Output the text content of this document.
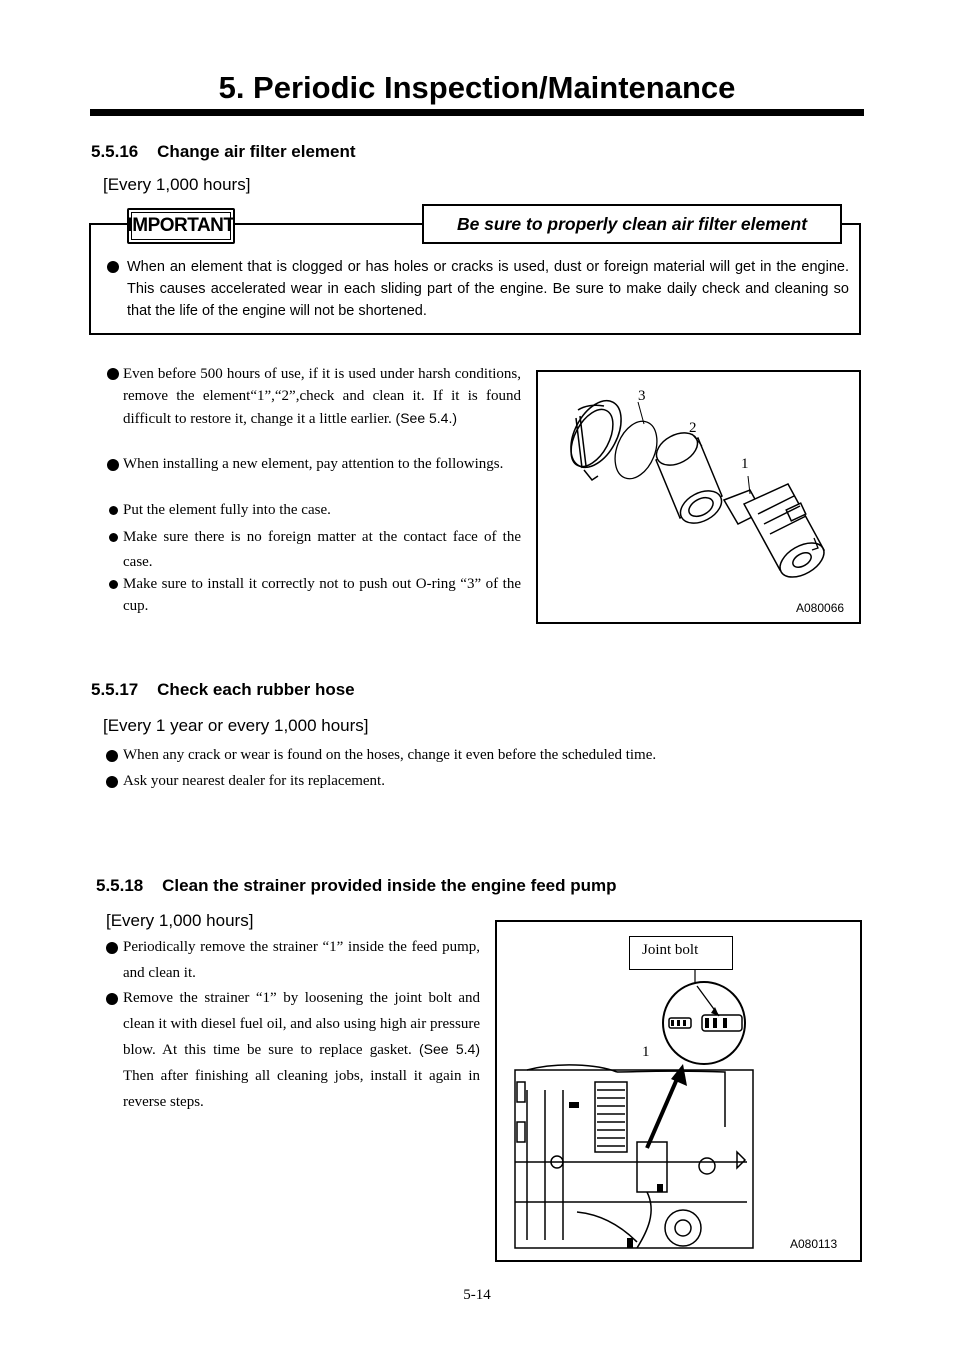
5. Periodic Inspection/Maintenance
5.5.16    Change air filter element
[Every 1,000 hours]
IMPORTANT	Be sure to properly clean air filter element
When an element that is clogged or has holes or cracks is used, dust or foreign material will get in the engine. This causes accelerated wear in each sliding part of the engine. Be sure to make daily check and cleaning so that the life of the engine will not be shortened.
Even before 500 hours of use, if it is used under harsh conditions, remove the element“1”,“2”,check and clean it. If it is found difficult to restore it, change it a little earlier. (See 5.4.)
When installing a new element, pay attention to the followings.
Put the element fully into the case.
Make sure there is no foreign matter at the contact face of the case.
Make sure to install it correctly not to push out O-ring “3” of the cup.
3
2
1
A080066
5.5.17    Check each rubber hose
[Every 1 year or every 1,000 hours]
When any crack or wear is found on the hoses, change it even before the scheduled time.
Ask your nearest dealer for its replacement.
5.5.18    Clean the strainer provided inside the engine feed pump
[Every 1,000 hours]
Periodically remove the strainer “1” inside the feed pump, and clean it.
Remove the strainer “1” by loosening the joint bolt and clean it with diesel fuel oil, and also using high air pressure blow. At this time be sure to replace gasket. (See 5.4) Then after finishing all cleaning jobs, install it again in reverse steps.
Joint bolt
1
A080113
5-14
